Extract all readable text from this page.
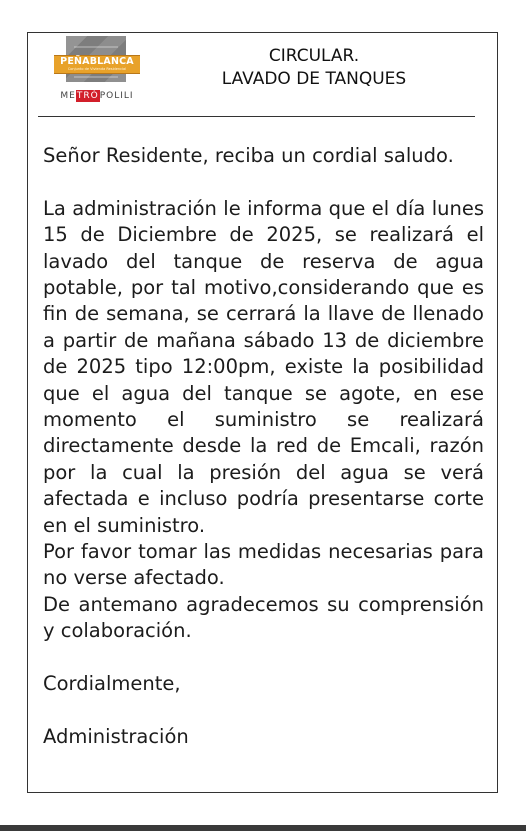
PEÑABLANCA
Conjunto de Vivienda Residencial
METRÓPOLILI
CIRCULAR.
LAVADO DE TANQUES

Señor Residente, reciba un cordial saludo.

La administración le informa que el día lunes 15 de Diciembre de 2025, se realizará el lavado del tanque de reserva de agua potable, por tal motivo,considerando que es fin de semana, se cerrará la llave de llenado a partir de mañana sábado 13 de diciembre de 2025 tipo 12:00pm, existe la posibilidad que el agua del tanque se agote, en ese momento el suministro se realizará directamente desde la red de Emcali, razón por la cual la presión del agua se verá afectada e incluso podría presentarse corte en el suministro.

Por favor tomar las medidas necesarias para no verse afectado.

De antemano agradecemos su comprensión y colaboración.

Cordialmente,

Administración
